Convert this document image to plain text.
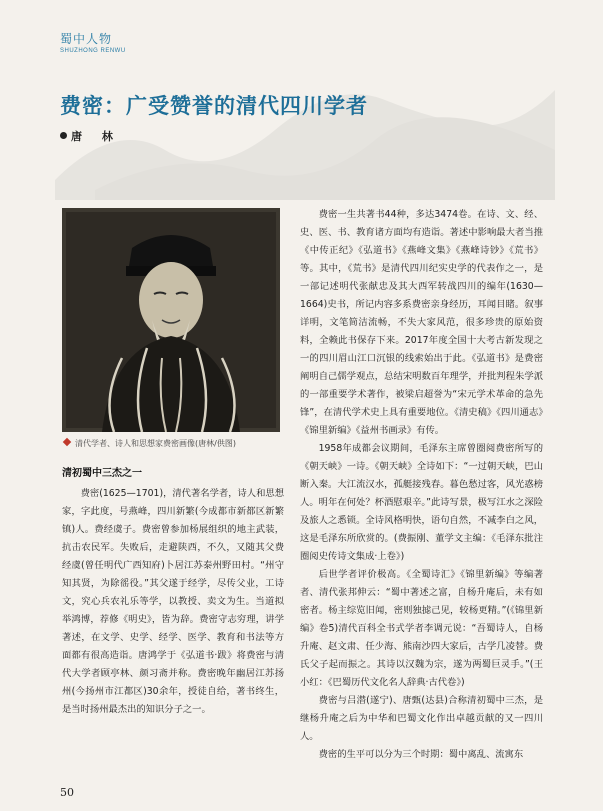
蜀中人物
SHUZHONG RENWU
费密：广受赞誉的清代四川学者
唐 林
清代学者、诗人和思想家费密画像(唐林/供图)
清初蜀中三杰之一

费密(1625—1701)，清代著名学者，诗人和思想家，字此度，号燕峰，四川新繁(今成都市新都区新繁镇)人。费经虞子。费密曾参加杨展组织的地主武装，抗击农民军。失败后，走避陕西，不久，又随其父费经虞(曾任明代广西知府)卜居江苏泰州野田村。“州守知其贤，为除徭役。”其父遂于经学，尽传父业，工诗文，究心兵农礼乐等学，以教授、卖文为生。当道拟举鸿博，荐修《明史》，皆为辞。费密守志穷理，讲学著述，在文学、史学、经学、医学、教育和书法等方面都有很高造诣。唐鸿学于《弘道书·跋》将费密与清代大学者顾亭林、颜习斋并称。费密晚年幽居江苏扬州(今扬州市江都区)30余年，授徒自给，著书终生，是当时扬州最杰出的知识分子之一。

费密一生共著书44种，多达3474卷。在诗、文、经、史、医、书、教育诸方面均有造诣。著述中影响最大者当推《中传正纪》《弘道书》《燕峰文集》《燕峰诗钞》《荒书》等。其中，《荒书》是清代四川纪实史学的代表作之一，是一部记述明代张献忠及其大西军转战四川的编年(1630—1664)史书，所记内容多系费密亲身经历，耳闻目睹。叙事详明，文笔简洁流畅，不失大家风范，很多珍贵的原始资料，全赖此书保存下来。2017年度全国十大考古新发现之一的四川眉山江口沉银的线索始出于此。《弘道书》是费密阐明自己儒学观点，总结宋明数百年理学，并批判程朱学派的一部重要学术著作，被梁启超誉为“宋元学术革命的急先锋”，在清代学术史上具有重要地位。《清史稿》《四川通志》《锦里新编》《益州书画录》有传。

1958年成都会议期间，毛泽东主席曾圈阅费密所写的《朝天峡》一诗。《朝天峡》全诗如下：“一过朝天峡，巴山断入秦。大江流汉水，孤艇接残春。暮色愁过客，风光惑榜人。明年在何处？杯酒慰艰辛。”此诗写景，极写江水之深险及旅人之悉锁。全诗风格明快，语句自然，不减李白之风，这是毛泽东所欣赏的。(费振刚、董学文主编：《毛泽东批注圈阅史传诗文集成·上卷》)

后世学者评价极高。《全蜀诗汇》《锦里新编》等编著者、清代张邦伸云：“蜀中著述之富，自杨升庵后，未有如密者。杨主综览旧闻，密则独摅己见，较杨更精。”(《锦里新编》卷5)清代百科全书式学者李调元说：“吾蜀诗人，自杨升庵、赵文肃、任少海、熊南沙四大家后，古学几凌替。费氏父子起而振之。其诗以汉魏为宗，遂为两蜀巨灵手。”(王小红：《巴蜀历代文化名人辞典·古代卷》)

费密与吕潜(遂宁)、唐甄(达县)合称清初蜀中三杰，是继杨升庵之后为中华和巴蜀文化作出卓越贡献的又一四川人。

费密的生平可以分为三个时期：蜀中离乱、流寓东

50
